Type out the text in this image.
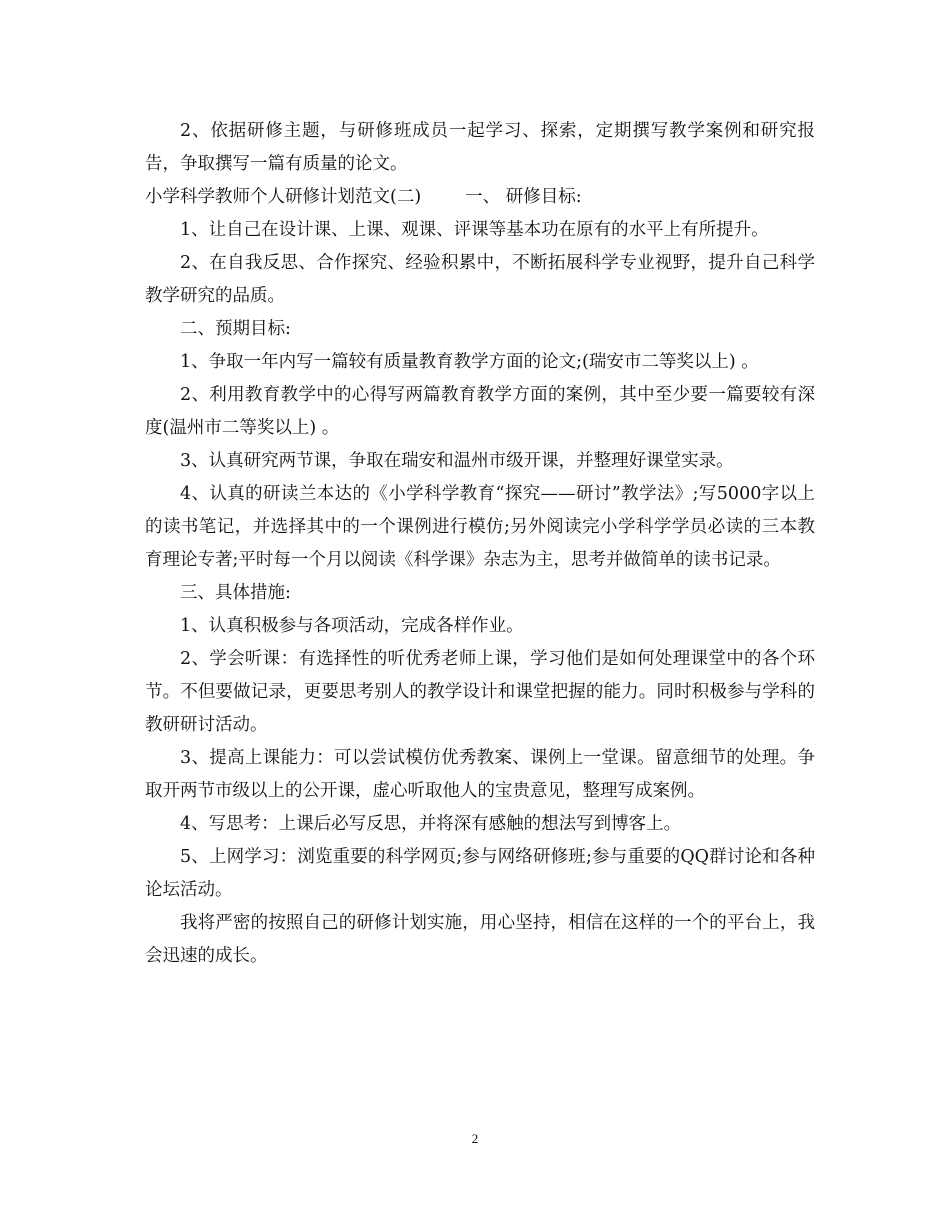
2、依据研修主题，与研修班成员一起学习、探索，定期撰写教学案例和研究报告，争取撰写一篇有质量的论文。

小学科学教师个人研修计划范文(二)	一、 研修目标:

1、让自己在设计课、上课、观课、评课等基本功在原有的水平上有所提升。

2、在自我反思、合作探究、经验积累中，不断拓展科学专业视野，提升自己科学教学研究的品质。

二、预期目标:

1、争取一年内写一篇较有质量教育教学方面的论文;(瑞安市二等奖以上) 。

2、利用教育教学中的心得写两篇教育教学方面的案例，其中至少要一篇要较有深度(温州市二等奖以上) 。

3、认真研究两节课，争取在瑞安和温州市级开课，并整理好课堂实录。

4、认真的研读兰本达的《小学科学教育“探究——研讨”教学法》;写5000字以上的读书笔记，并选择其中的一个课例进行模仿;另外阅读完小学科学学员必读的三本教育理论专著;平时每一个月以阅读《科学课》杂志为主，思考并做简单的读书记录。

三、具体措施:

1、认真积极参与各项活动，完成各样作业。

2、学会听课：有选择性的听优秀老师上课，学习他们是如何处理课堂中的各个环节。不但要做记录，更要思考别人的教学设计和课堂把握的能力。同时积极参与学科的教研研讨活动。

3、提高上课能力：可以尝试模仿优秀教案、课例上一堂课。留意细节的处理。争取开两节市级以上的公开课，虚心听取他人的宝贵意见，整理写成案例。

4、写思考：上课后必写反思，并将深有感触的想法写到博客上。

5、上网学习：浏览重要的科学网页;参与网络研修班;参与重要的QQ群讨论和各种论坛活动。

我将严密的按照自己的研修计划实施，用心坚持，相信在这样的一个的平台上，我会迅速的成长。

2
